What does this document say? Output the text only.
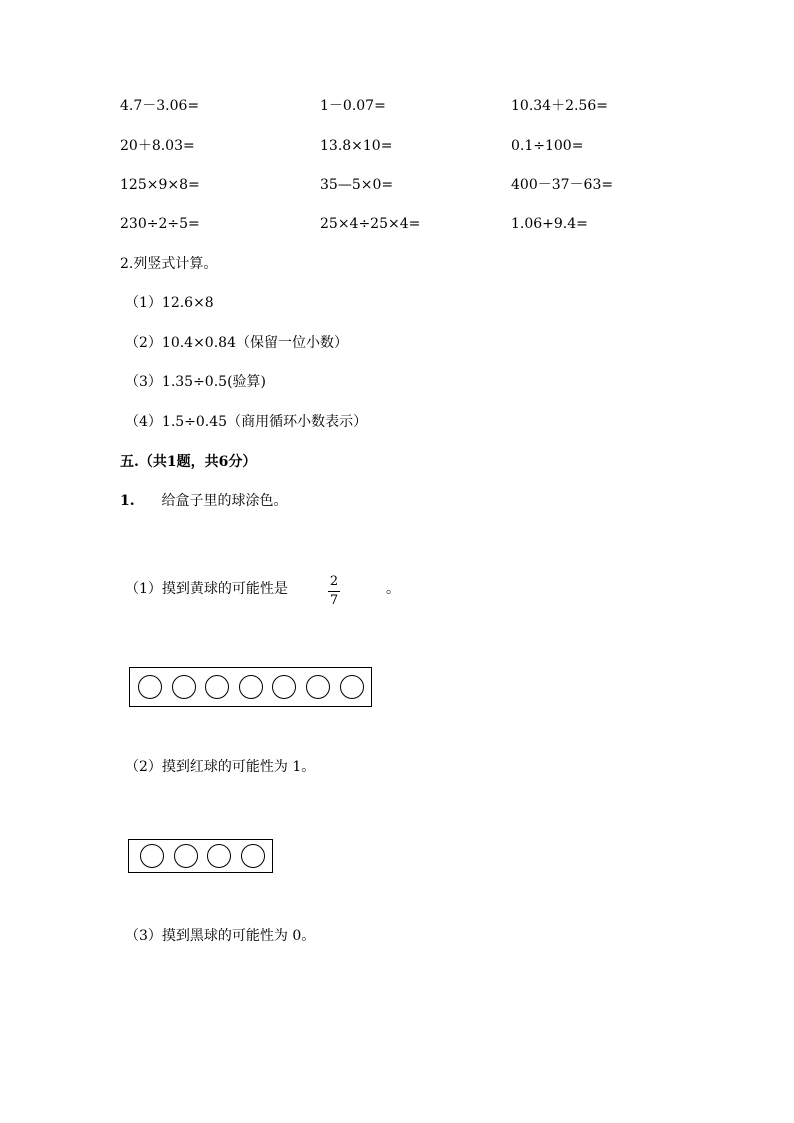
4.7－3.06=	1－0.07=	10.34＋2.56=
20＋8.03=	13.8×10=	0.1÷100=
125×9×8=	35—5×0=	400－37－63=
230÷2÷5=	25×4÷25×4=	1.06+9.4=
2.列竖式计算。
（1）12.6×8
（2）10.4×0.84（保留一位小数）
（3）1.35÷0.5(验算)
（4）1.5÷0.45（商用循环小数表示）
五.（共1题，共6分）
1. 给盒子里的球涂色。
（1）摸到黄球的可能性是	2
7
。
（2）摸到红球的可能性为 1。
（3）摸到黑球的可能性为 0。
